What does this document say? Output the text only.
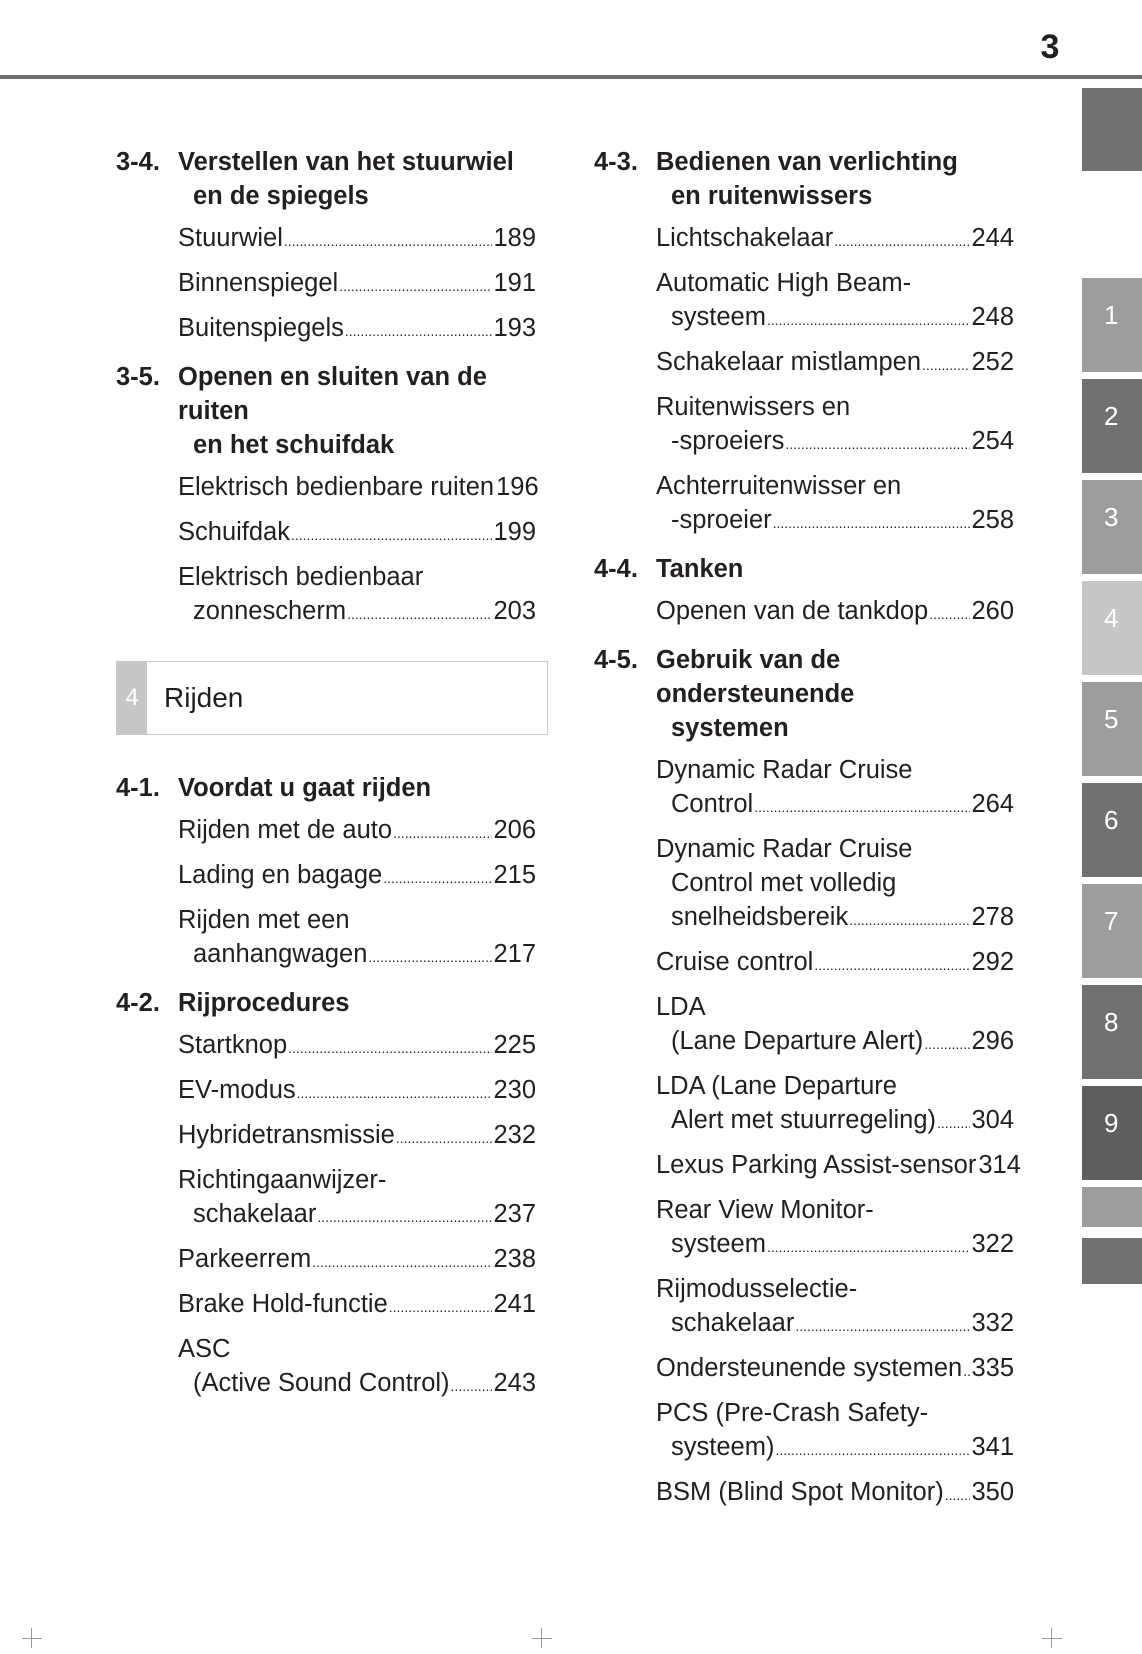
3
3-4. Verstellen van het stuurwiel

en de spiegels
Stuurwiel .....	189
Binnenspiegel .....	191
Buitenspiegels .....	193
3-5. Openen en sluiten van de ruiten

en het schuifdak
Elektrisch bedienbare ruiten 196
Schuifdak .....	199
Elektrisch bedienbaar
zonnescherm .....	203
4 Rijden
4-1. Voordat u gaat rijden
Rijden met de auto .....	206
Lading en bagage .....	215
Rijden met een
aanhangwagen .....	217
4-2. Rijprocedures
Startknop .....	225
EV-modus .....	230
Hybridetransmissie .....	232
Richtingaanwijzer-
schakelaar .....	237
Parkeerrem .....	238
Brake Hold-functie .....	241
ASC
(Active Sound Control) ..... 243
4-3. Bedienen van verlichting

en ruitenwissers
Lichtschakelaar .....	244
Automatic High Beam-
systeem .....	248
Schakelaar mistlampen ..... 252
Ruitenwissers en
-sproeiers .....	254
Achterruitenwisser en
-sproeier .....	258
4-4. Tanken
Openen van de tankdop ..... 260
4-5. Gebruik van de ondersteunende

systemen
Dynamic Radar Cruise
Control .....	264
Dynamic Radar Cruise
Control met volledig
snelheidsbereik .....	278
Cruise control .....	292
LDA
(Lane Departure Alert) ..... 296
LDA (Lane Departure
Alert met stuurregeling) ..... 304
Lexus Parking Assist-sensor 314
Rear View Monitor-
systeem .....	322
Rijmodusselectie-
schakelaar .....	332
Ondersteunende systemen ..... 335
PCS (Pre-Crash Safety-
systeem) .....	341
BSM (Blind Spot Monitor) ..... 350
1
2
3
4
5
6
7
8
9
